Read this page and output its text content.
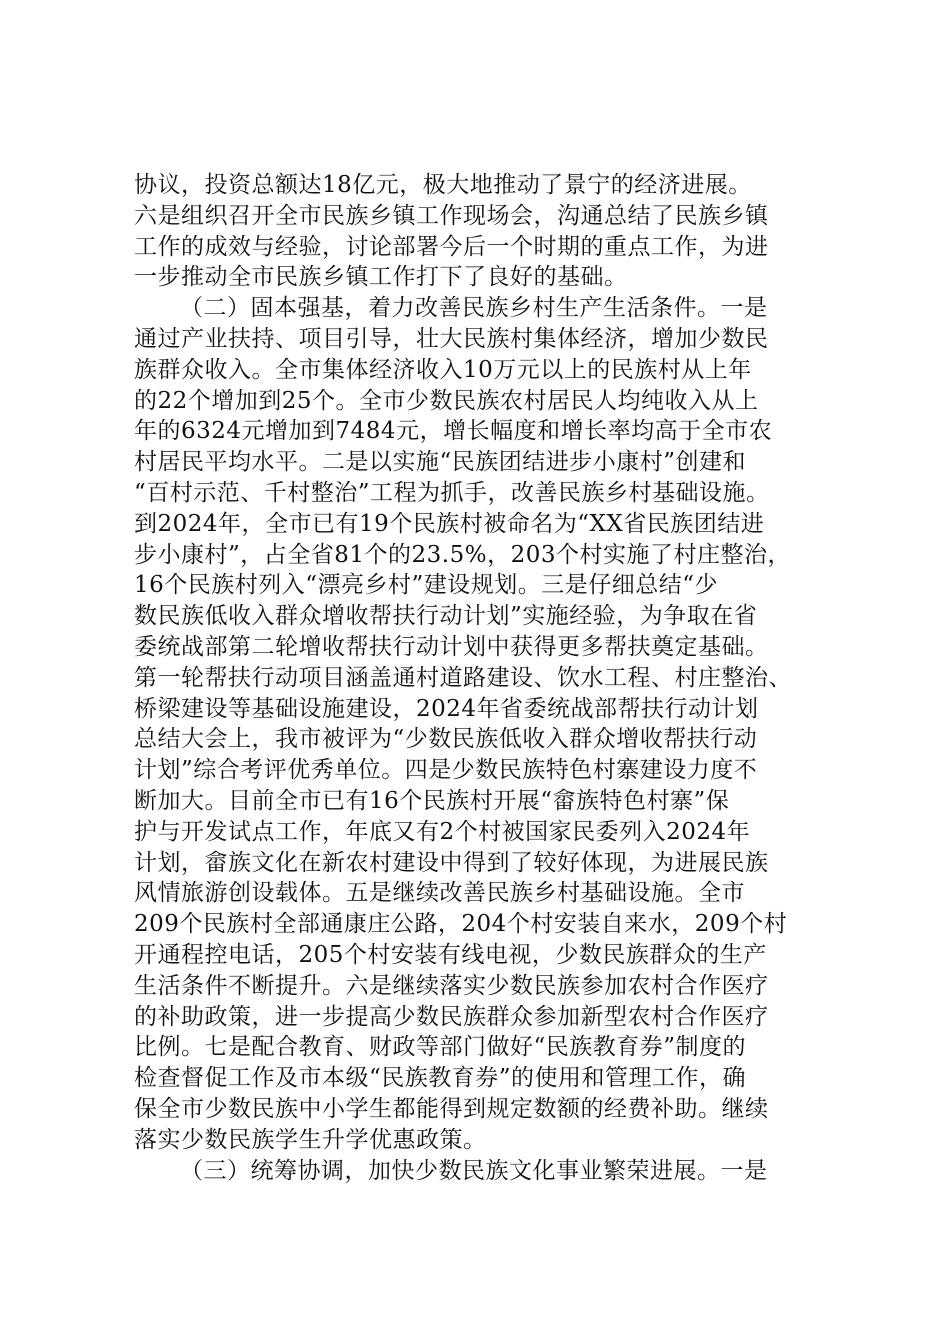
协议，投资总额达18亿元，极大地推动了景宁的经济进展。
六是组织召开全市民族乡镇工作现场会，沟通总结了民族乡镇
工作的成效与经验，讨论部署今后一个时期的重点工作，为进
一步推动全市民族乡镇工作打下了良好的基础。
（二）固本强基，着力改善民族乡村生产生活条件。一是
通过产业扶持、项目引导，壮大民族村集体经济，增加少数民
族群众收入。全市集体经济收入10万元以上的民族村从上年
的22个增加到25个。全市少数民族农村居民人均纯收入从上
年的6324元增加到7484元，增长幅度和增长率均高于全市农
村居民平均水平。二是以实施“民族团结进步小康村”创建和
“百村示范、千村整治”工程为抓手，改善民族乡村基础设施。
到2024年，全市已有19个民族村被命名为“XX省民族团结进
步小康村”，占全省81个的23.5%，203个村实施了村庄整治，
16个民族村列入“漂亮乡村”建设规划。三是仔细总结“少
数民族低收入群众增收帮扶行动计划”实施经验，为争取在省
委统战部第二轮增收帮扶行动计划中获得更多帮扶奠定基础。
第一轮帮扶行动项目涵盖通村道路建设、饮水工程、村庄整治、
桥梁建设等基础设施建设，2024年省委统战部帮扶行动计划
总结大会上，我市被评为“少数民族低收入群众增收帮扶行动
计划”综合考评优秀单位。四是少数民族特色村寨建设力度不
断加大。目前全市已有16个民族村开展“畲族特色村寨”保
护与开发试点工作，年底又有2个村被国家民委列入2024年
计划，畲族文化在新农村建设中得到了较好体现，为进展民族
风情旅游创设载体。五是继续改善民族乡村基础设施。全市
209个民族村全部通康庄公路，204个村安装自来水，209个村
开通程控电话，205个村安装有线电视，少数民族群众的生产
生活条件不断提升。六是继续落实少数民族参加农村合作医疗
的补助政策，进一步提高少数民族群众参加新型农村合作医疗
比例。七是配合教育、财政等部门做好“民族教育券”制度的
检查督促工作及市本级“民族教育券”的使用和管理工作，确
保全市少数民族中小学生都能得到规定数额的经费补助。继续
落实少数民族学生升学优惠政策。
（三）统筹协调，加快少数民族文化事业繁荣进展。一是
